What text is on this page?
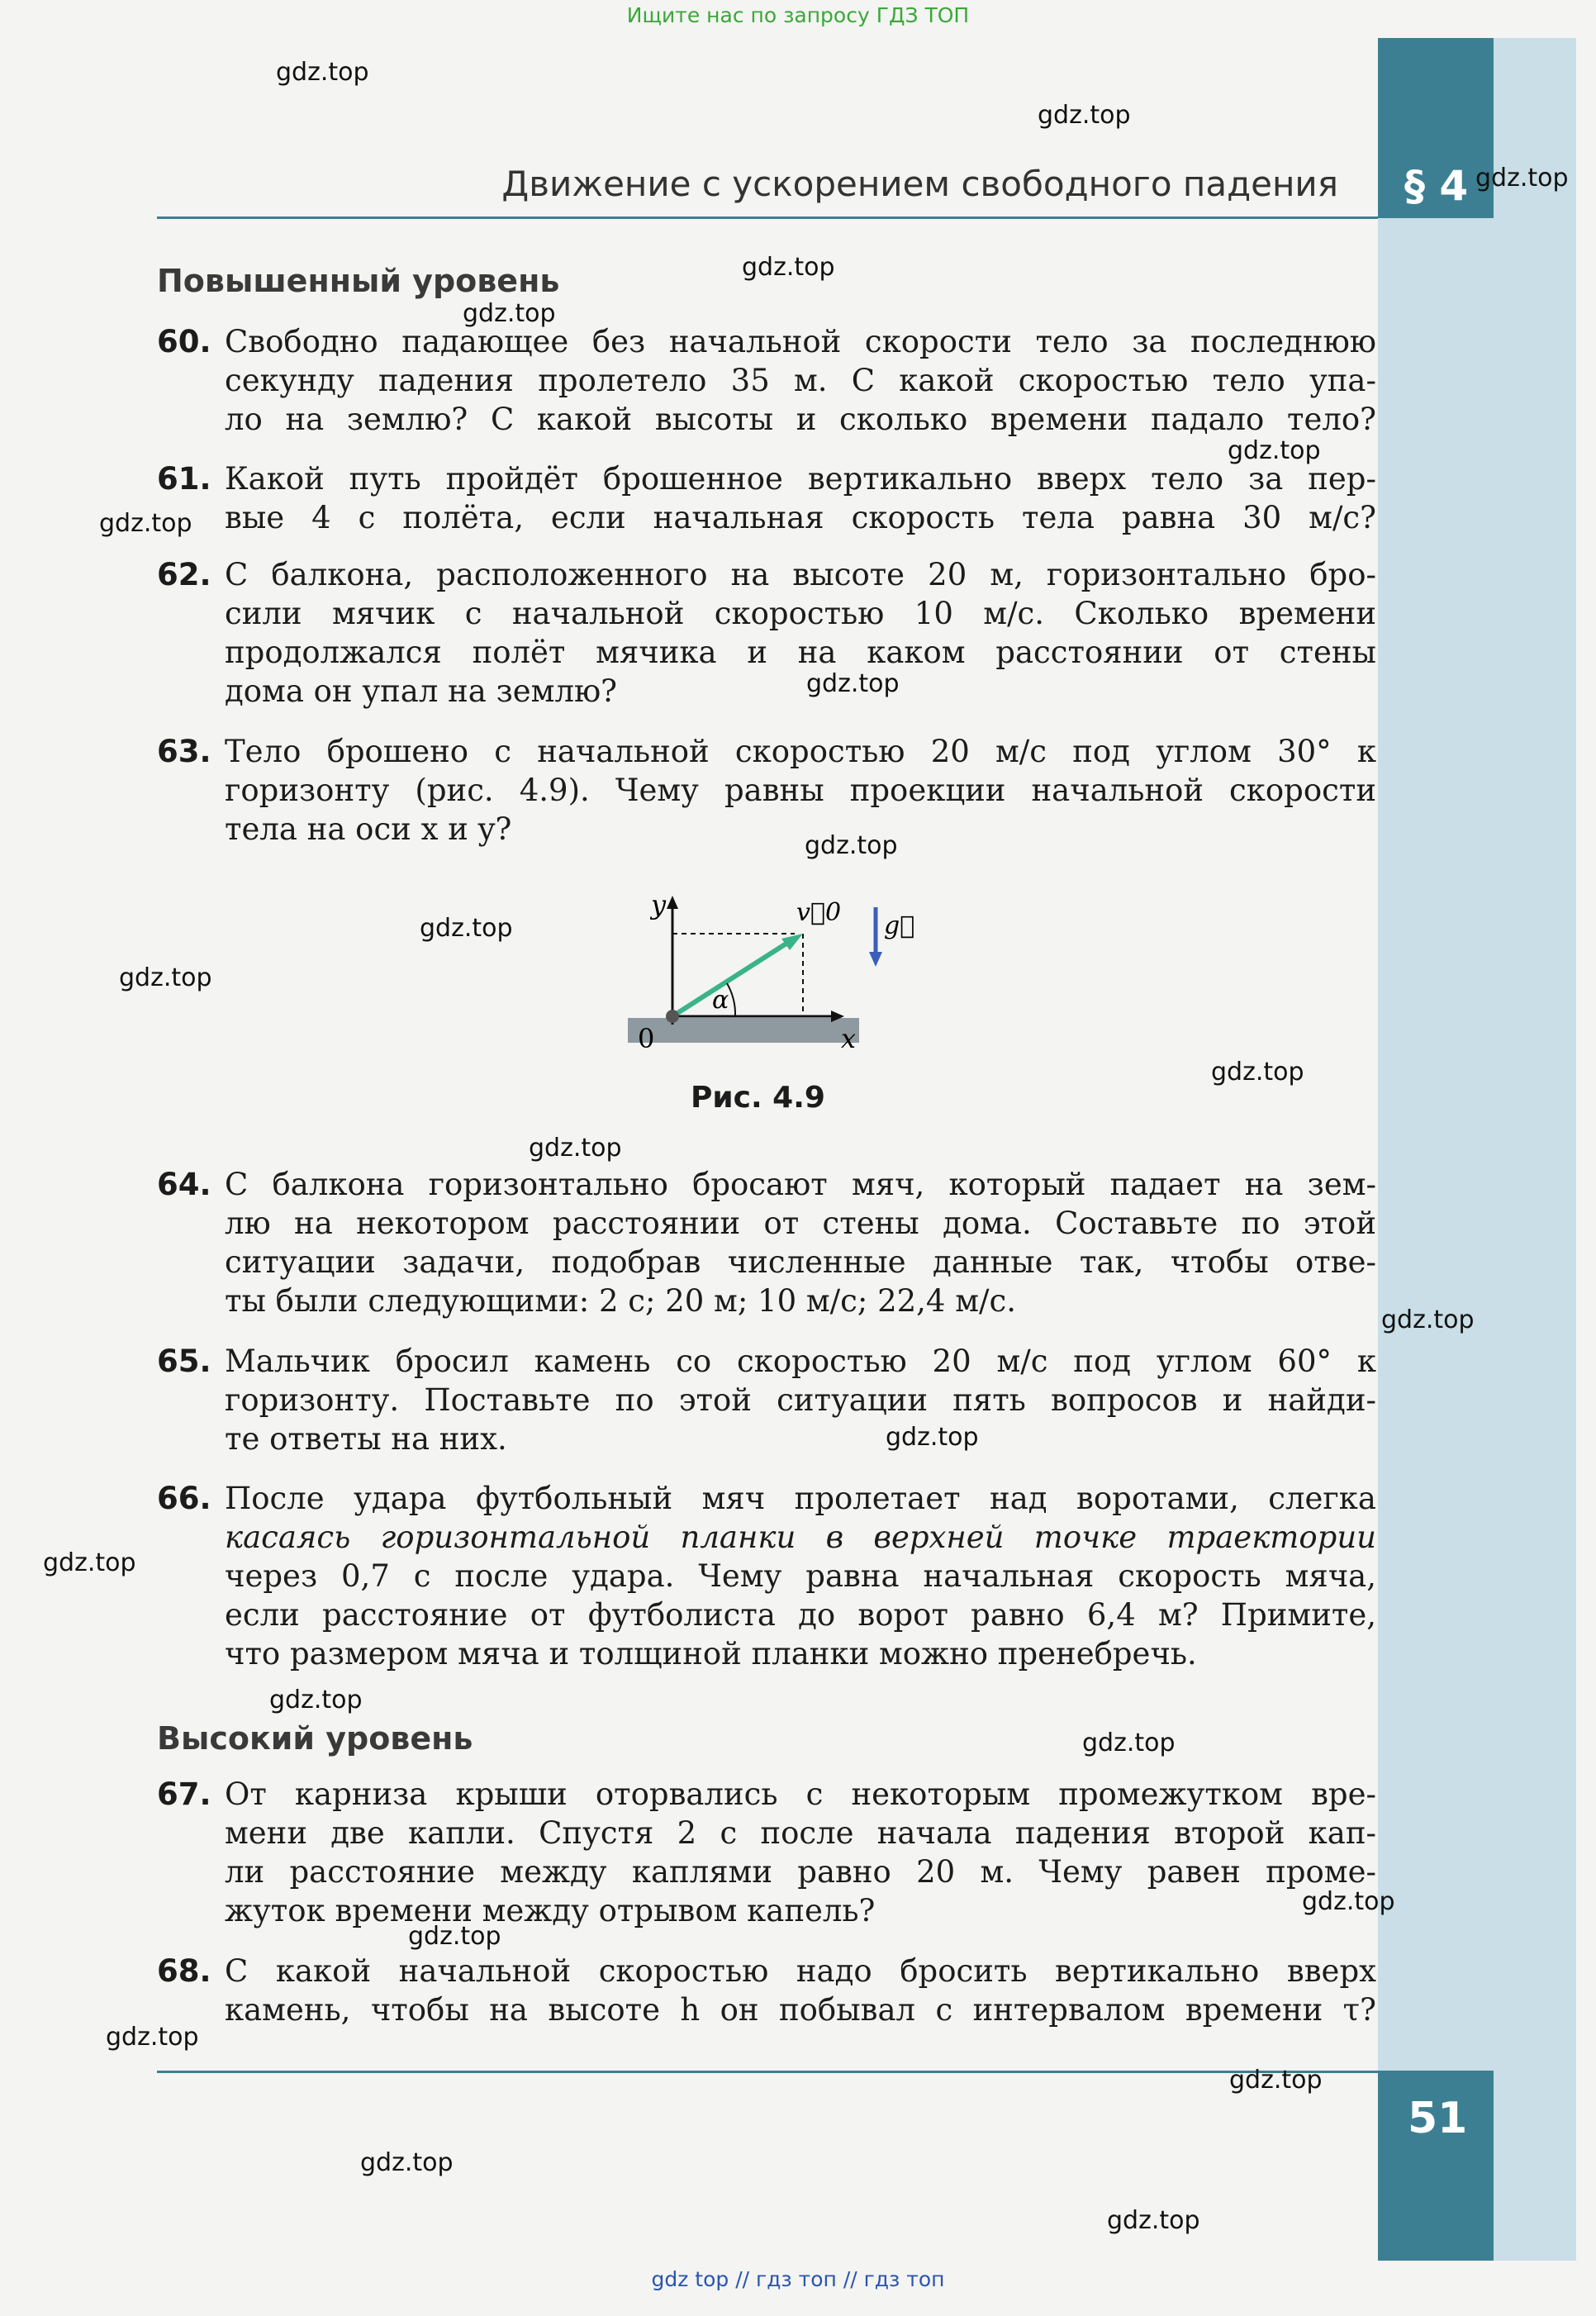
Ищите нас по запросу ГДЗ ТОП
§ 4
Движение с ускорением свободного падения
Повышенный уровень
60. Свободно падающее без начальной скорости тело за последнюю
секунду падения пролетело 35 м. С какой скоростью тело упа-
ло на землю? С какой высоты и сколько времени падало тело?
61. Какой путь пройдёт брошенное вертикально вверх тело за пер-
вые 4 с полёта, если начальная скорость тела равна 30 м/с?
62. С балкона, расположенного на высоте 20 м, горизонтально бро-
сили мячик с начальной скоростью 10 м/с. Сколько времени
продолжался полёт мячика и на каком расстоянии от стены
дома он упал на землю?
63. Тело брошено с начальной скоростью 20 м/с под углом 30° к
горизонту (рис. 4.9). Чему равны проекции начальной скорости
тела на оси x и y?
y
x
0
v⃗0 g⃗
α
Рис. 4.9
64. С балкона горизонтально бросают мяч, который падает на зем-
лю на некотором расстоянии от стены дома. Составьте по этой
ситуации задачи, подобрав численные данные так, чтобы отве-
ты были следующими: 2 с; 20 м; 10 м/с; 22,4 м/с.
65. Мальчик бросил камень со скоростью 20 м/с под углом 60° к
горизонту. Поставьте по этой ситуации пять вопросов и найди-
те ответы на них.
66. После удара футбольный мяч пролетает над воротами, слегка
касаясь горизонтальной планки в верхней точке траектории
через 0,7 с после удара. Чему равна начальная скорость мяча,
если расстояние от футболиста до ворот равно 6,4 м? Примите,
что размером мяча и толщиной планки можно пренебречь.
Высокий уровень
67. От карниза крыши оторвались с некоторым промежутком вре-
мени две капли. Спустя 2 с после начала падения второй кап-
ли расстояние между каплями равно 20 м. Чему равен проме-
жуток времени между отрывом капель?
68. С какой начальной скоростью надо бросить вертикально вверх
камень, чтобы на высоте h он побывал с интервалом времени τ?
51
gdz.top
gdz.top
gdz.top
gdz.top
gdz.top
gdz.top
gdz.top
gdz.top
gdz.top
gdz.top
gdz.top
gdz.top
gdz.top
gdz.top
gdz.top
gdz.top
gdz.top
gdz.top
gdz.top
gdz.top
gdz.top
gdz.top
gdz.top
gdz.top
gdz top // гдз топ // гдз топ
